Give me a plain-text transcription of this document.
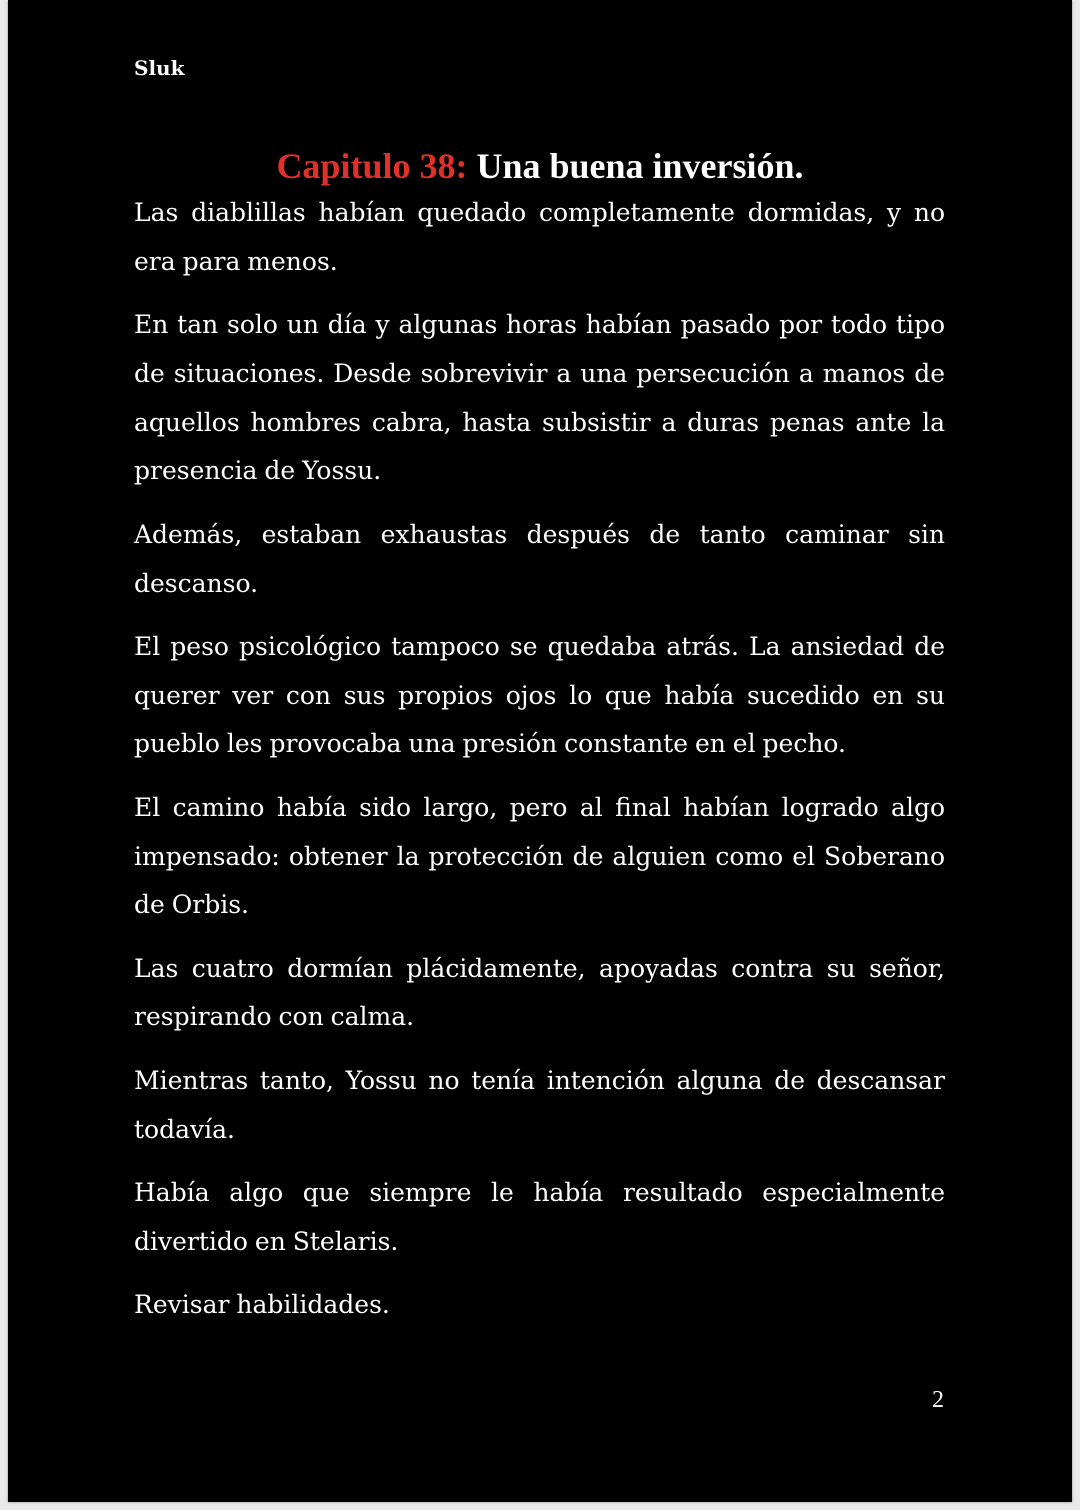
Sluk
Capitulo 38: Una buena inversión.

Las diablillas habían quedado completamente dormidas, y no era para menos.

En tan solo un día y algunas horas habían pasado por todo tipo de situaciones. Desde sobrevivir a una persecución a manos de aquellos hombres cabra, hasta subsistir a duras penas ante la presencia de Yossu.

Además, estaban exhaustas después de tanto caminar sin descanso.

El peso psicológico tampoco se quedaba atrás. La ansiedad de querer ver con sus propios ojos lo que había sucedido en su pueblo les provocaba una presión constante en el pecho.

El camino había sido largo, pero al final habían logrado algo impensado: obtener la protección de alguien como el Soberano de Orbis.

Las cuatro dormían plácidamente, apoyadas contra su señor, respirando con calma.

Mientras tanto, Yossu no tenía intención alguna de descansar todavía.

Había algo que siempre le había resultado especialmente divertido en Stelaris.

Revisar habilidades.

2
